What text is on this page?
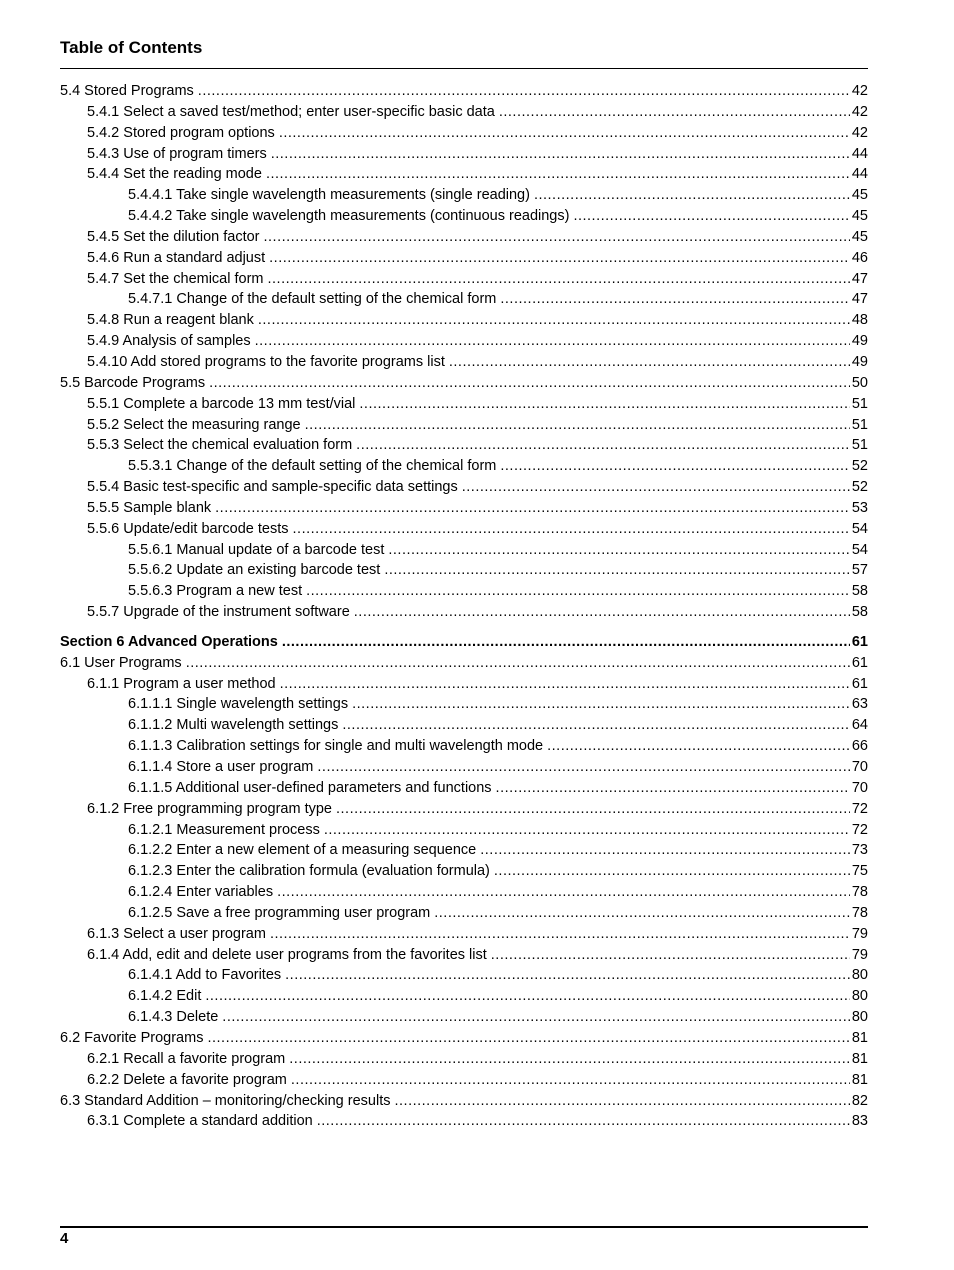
Table of Contents
5.4 Stored Programs .....	42
5.4.1 Select a saved test/method; enter user-specific basic data .....	42
5.4.2 Stored program options .....	42
5.4.3 Use of program timers .....	44
5.4.4 Set the reading mode .....	44
5.4.4.1 Take single wavelength measurements (single reading) .....	45
5.4.4.2 Take single wavelength measurements (continuous readings) .....	45
5.4.5 Set the dilution factor .....	45
5.4.6 Run a standard adjust .....	46
5.4.7 Set the chemical form .....	47
5.4.7.1 Change of the default setting of the chemical form .....	47
5.4.8 Run a reagent blank .....	48
5.4.9 Analysis of samples .....	49
5.4.10 Add stored programs to the favorite programs list .....	49
5.5 Barcode Programs .....	50
5.5.1 Complete a barcode 13 mm test/vial .....	51
5.5.2 Select the measuring range .....	51
5.5.3 Select the chemical evaluation form .....	51
5.5.3.1 Change of the default setting of the chemical form .....	52
5.5.4 Basic test-specific and sample-specific data settings .....	52
5.5.5 Sample blank .....	53
5.5.6 Update/edit barcode tests .....	54
5.5.6.1 Manual update of a barcode test .....	54
5.5.6.2 Update an existing barcode test .....	57
5.5.6.3 Program a new test .....	58
5.5.7 Upgrade of the instrument software .....	58
Section 6 Advanced Operations .....	61
6.1 User Programs .....	61
6.1.1 Program a user method .....	61
6.1.1.1 Single wavelength settings .....	63
6.1.1.2 Multi wavelength settings .....	64
6.1.1.3 Calibration settings for single and multi wavelength mode .....	66
6.1.1.4 Store a user program .....	70
6.1.1.5 Additional user-defined parameters and functions .....	70
6.1.2 Free programming program type .....	72
6.1.2.1 Measurement process .....	72
6.1.2.2 Enter a new element of a measuring sequence .....	73
6.1.2.3 Enter the calibration formula (evaluation formula) .....	75
6.1.2.4 Enter variables .....	78
6.1.2.5 Save a free programming user program .....	78
6.1.3 Select a user program .....	79
6.1.4 Add, edit and delete user programs from the favorites list .....	79
6.1.4.1 Add to Favorites .....	80
6.1.4.2 Edit .....	80
6.1.4.3 Delete .....	80
6.2 Favorite Programs .....	81
6.2.1 Recall a favorite program .....	81
6.2.2 Delete a favorite program .....	81
6.3 Standard Addition – monitoring/checking results .....	82
6.3.1 Complete a standard addition .....	83
4
